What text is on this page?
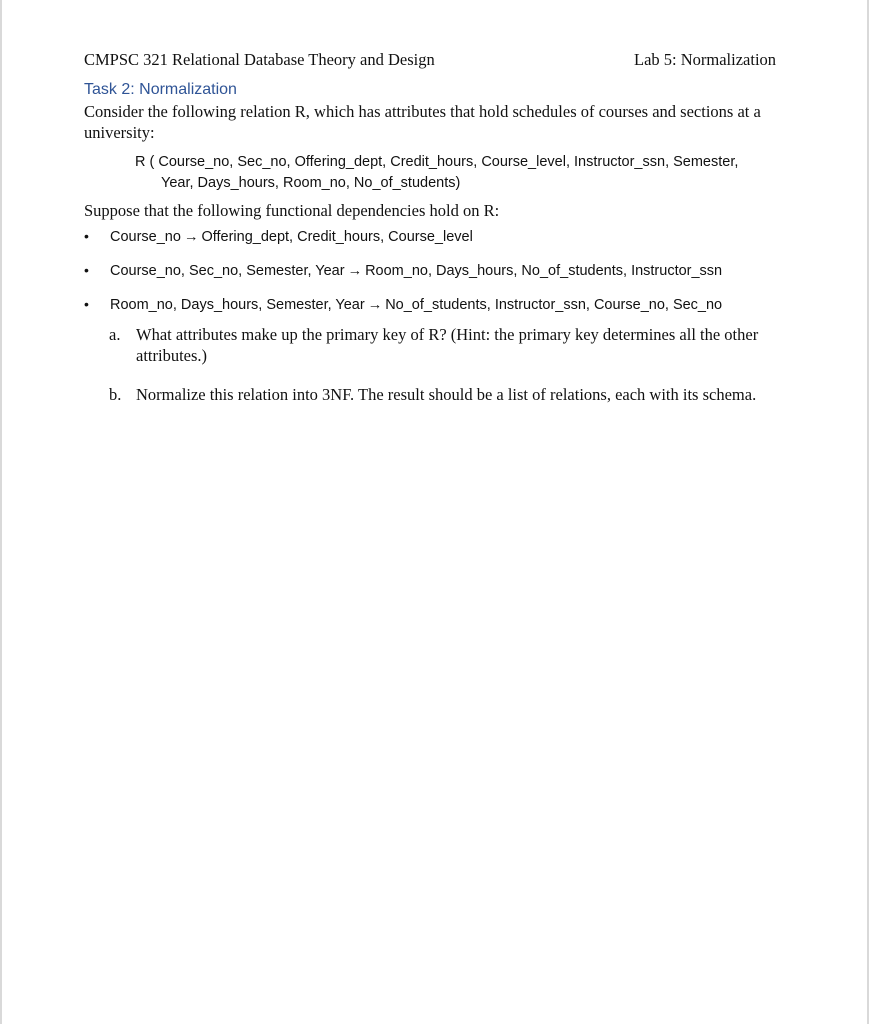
CMPSC 321 Relational Database Theory and Design	Lab 5: Normalization
Task 2: Normalization
Consider the following relation R, which has attributes that hold schedules of courses and sections at a university:
R ( Course_no, Sec_no, Offering_dept, Credit_hours, Course_level, Instructor_ssn, Semester,
Year, Days_hours, Room_no, No_of_students)
Suppose that the following functional dependencies hold on R:
• Course_no → Offering_dept, Credit_hours, Course_level
• Course_no, Sec_no, Semester, Year → Room_no, Days_hours, No_of_students, Instructor_ssn
• Room_no, Days_hours, Semester, Year → No_of_students, Instructor_ssn, Course_no, Sec_no
a. What attributes make up the primary key of R? (Hint: the primary key determines all the other attributes.)
b. Normalize this relation into 3NF. The result should be a list of relations, each with its schema.
